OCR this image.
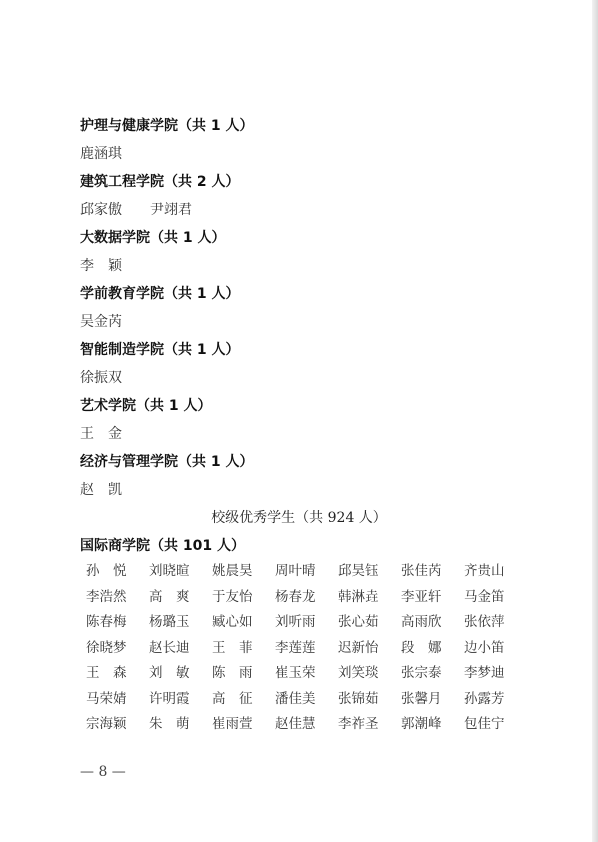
护理与健康学院（共 1 人）
鹿涵琪
建筑工程学院（共 2 人）
邱家傲 尹翊君
大数据学院（共 1 人）
李　颖
学前教育学院（共 1 人）
吴金芮
智能制造学院（共 1 人）
徐振双
艺术学院（共 1 人）
王　金
经济与管理学院（共 1 人）
赵　凯
校级优秀学生（共 924 人）
国际商学院（共 101 人）
孙　悦	刘晓暄	姚晨昊	周叶晴	邱昊钰	张佳芮	齐贵山
李浩然	高　爽	于友怡	杨春龙	韩淋垚	李亚轩	马金笛
陈春梅	杨璐玉	臧心如	刘听雨	张心茹	高雨欣	张依萍
徐晓梦	赵长迪	王　菲	李莲莲	迟新怡	段　娜	边小笛
王　森	刘　敏	陈　雨	崔玉荣	刘笑琰	张宗泰	李梦迪
马荣婧	许明霞	高　征	潘佳美	张锦茹	张馨月	孙露芳
宗海颖	朱　萌	崔雨萱	赵佳慧	李祚圣	郭潮峰	包佳宁
— 8 —
